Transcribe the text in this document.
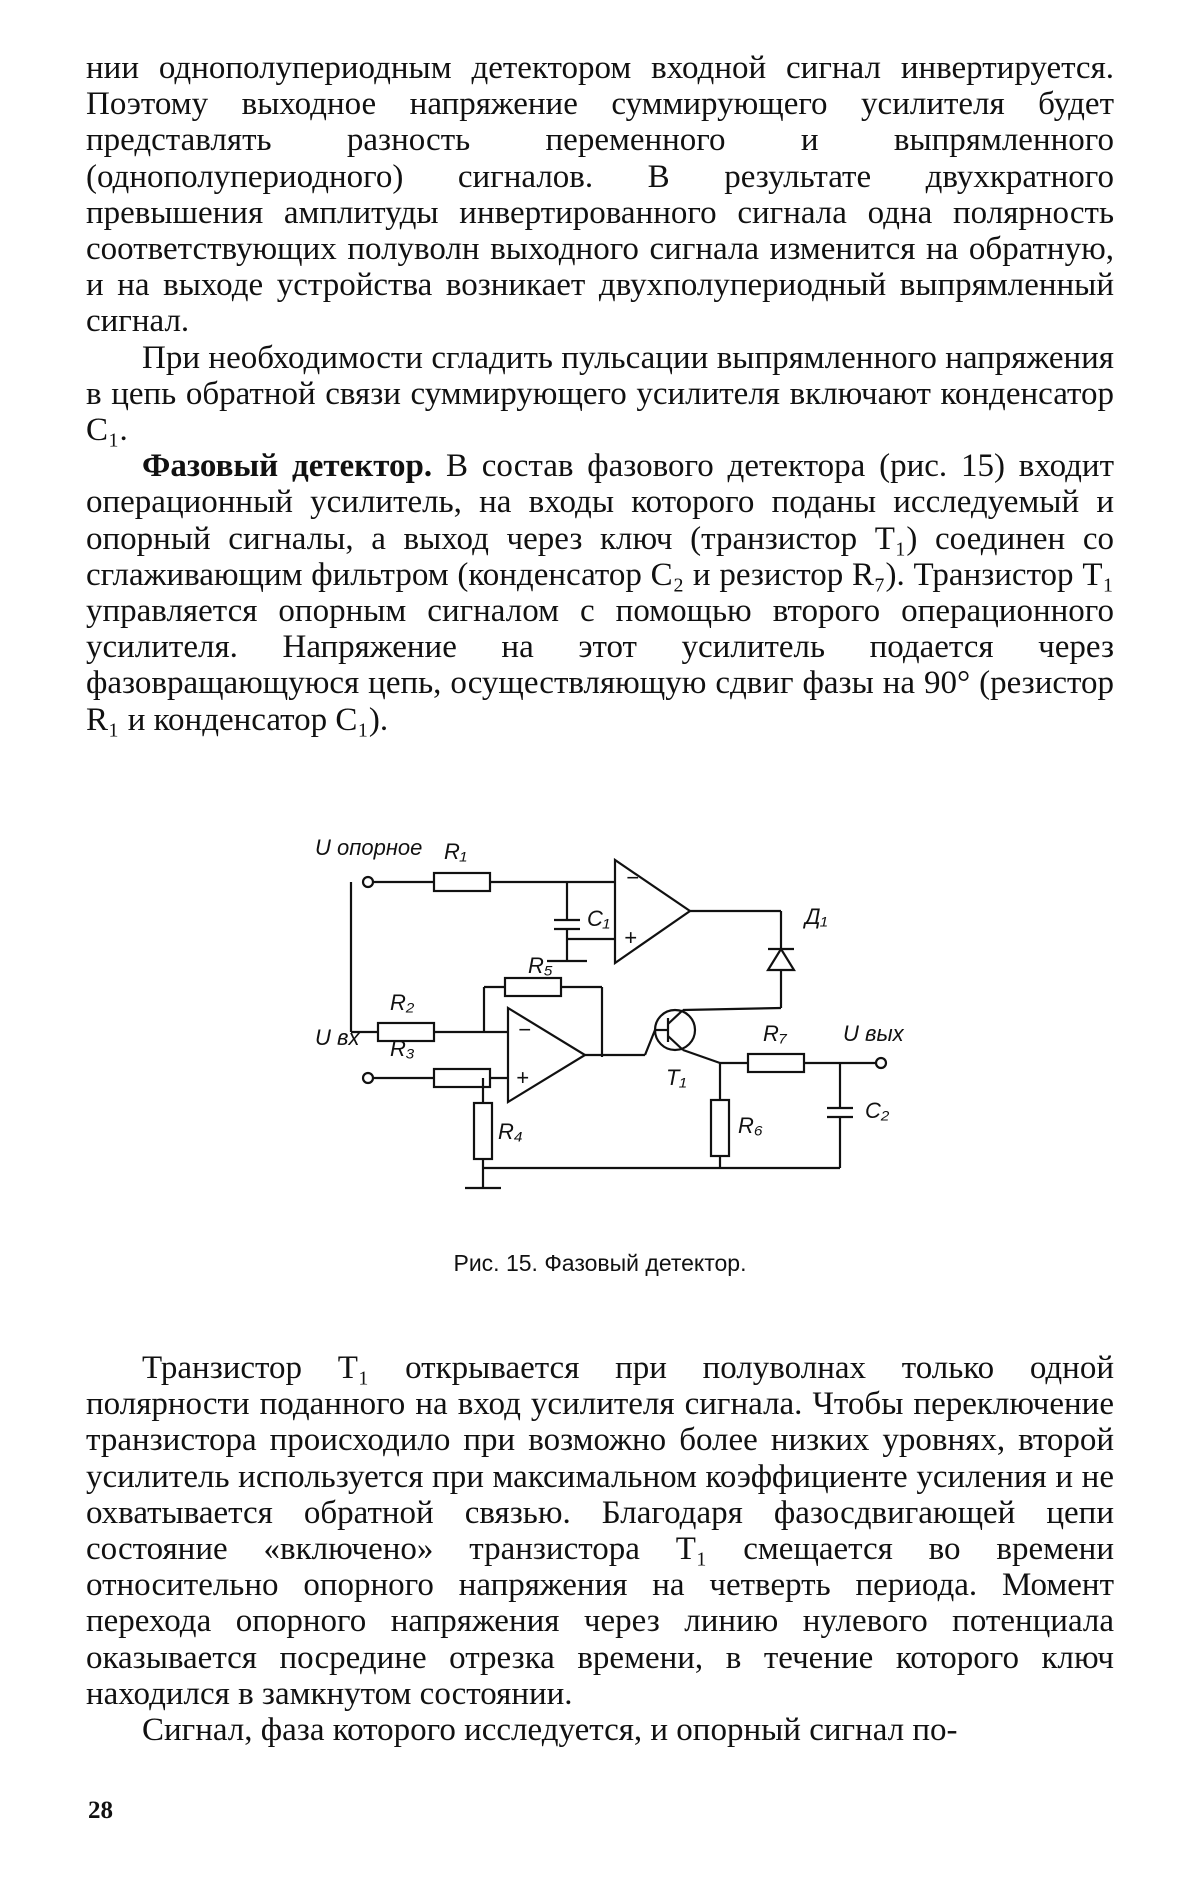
нии однополупериодным детектором входной сигнал инвертируется. Поэтому выходное напряжение суммирующего усилителя будет представлять разность переменного и выпрямленного (однополупериодного) сигналов. В результате двухкратного превышения амплитуды инвертированного сигнала одна полярность соответствующих полуволн выходного сигнала изменится на обратную, и на выходе устройства возникает двухполупериодный выпрямленный сигнал.

При необходимости сгладить пульсации выпрямленного напряжения в цепь обратной связи суммирующего усилителя включают конденсатор C₁.

Фазовый детектор. В состав фазового детектора (рис. 15) входит операционный усилитель, на входы которого поданы исследуемый и опорный сигналы, а выход через ключ (транзистор T₁) соединен со сглаживающим фильтром (конденсатор C₂ и резистор R₇). Транзистор T₁ управляется опорным сигналом с помощью второго операционного усилителя. Напряжение на этот усилитель подается через фазовращающуюся цепь, осуществляющую сдвиг фазы на 90° (резистор R₁ и конденсатор C₁).

U опорное R₁
C₁
−
+
Д₁
R₅
R₂
−
+
U вх R₃
R₄
T₁
R₇	U вых
R₆
C₂
Рис. 15. Фазовый детектор.

Транзистор T₁ открывается при полуволнах только одной полярности поданного на вход усилителя сигнала. Чтобы переключение транзистора происходило при возможно более низких уровнях, второй усилитель используется при максимальном коэффициенте усиления и не охватывается обратной связью. Благодаря фазосдвигающей цепи состояние «включено» транзистора T₁ смещается во времени относительно опорного напряжения на четверть периода. Момент перехода опорного напряжения через линию нулевого потенциала оказывается посредине отрезка времени, в течение которого ключ находился в замкнутом состоянии.

Сигнал, фаза которого исследуется, и опорный сигнал по-

28
